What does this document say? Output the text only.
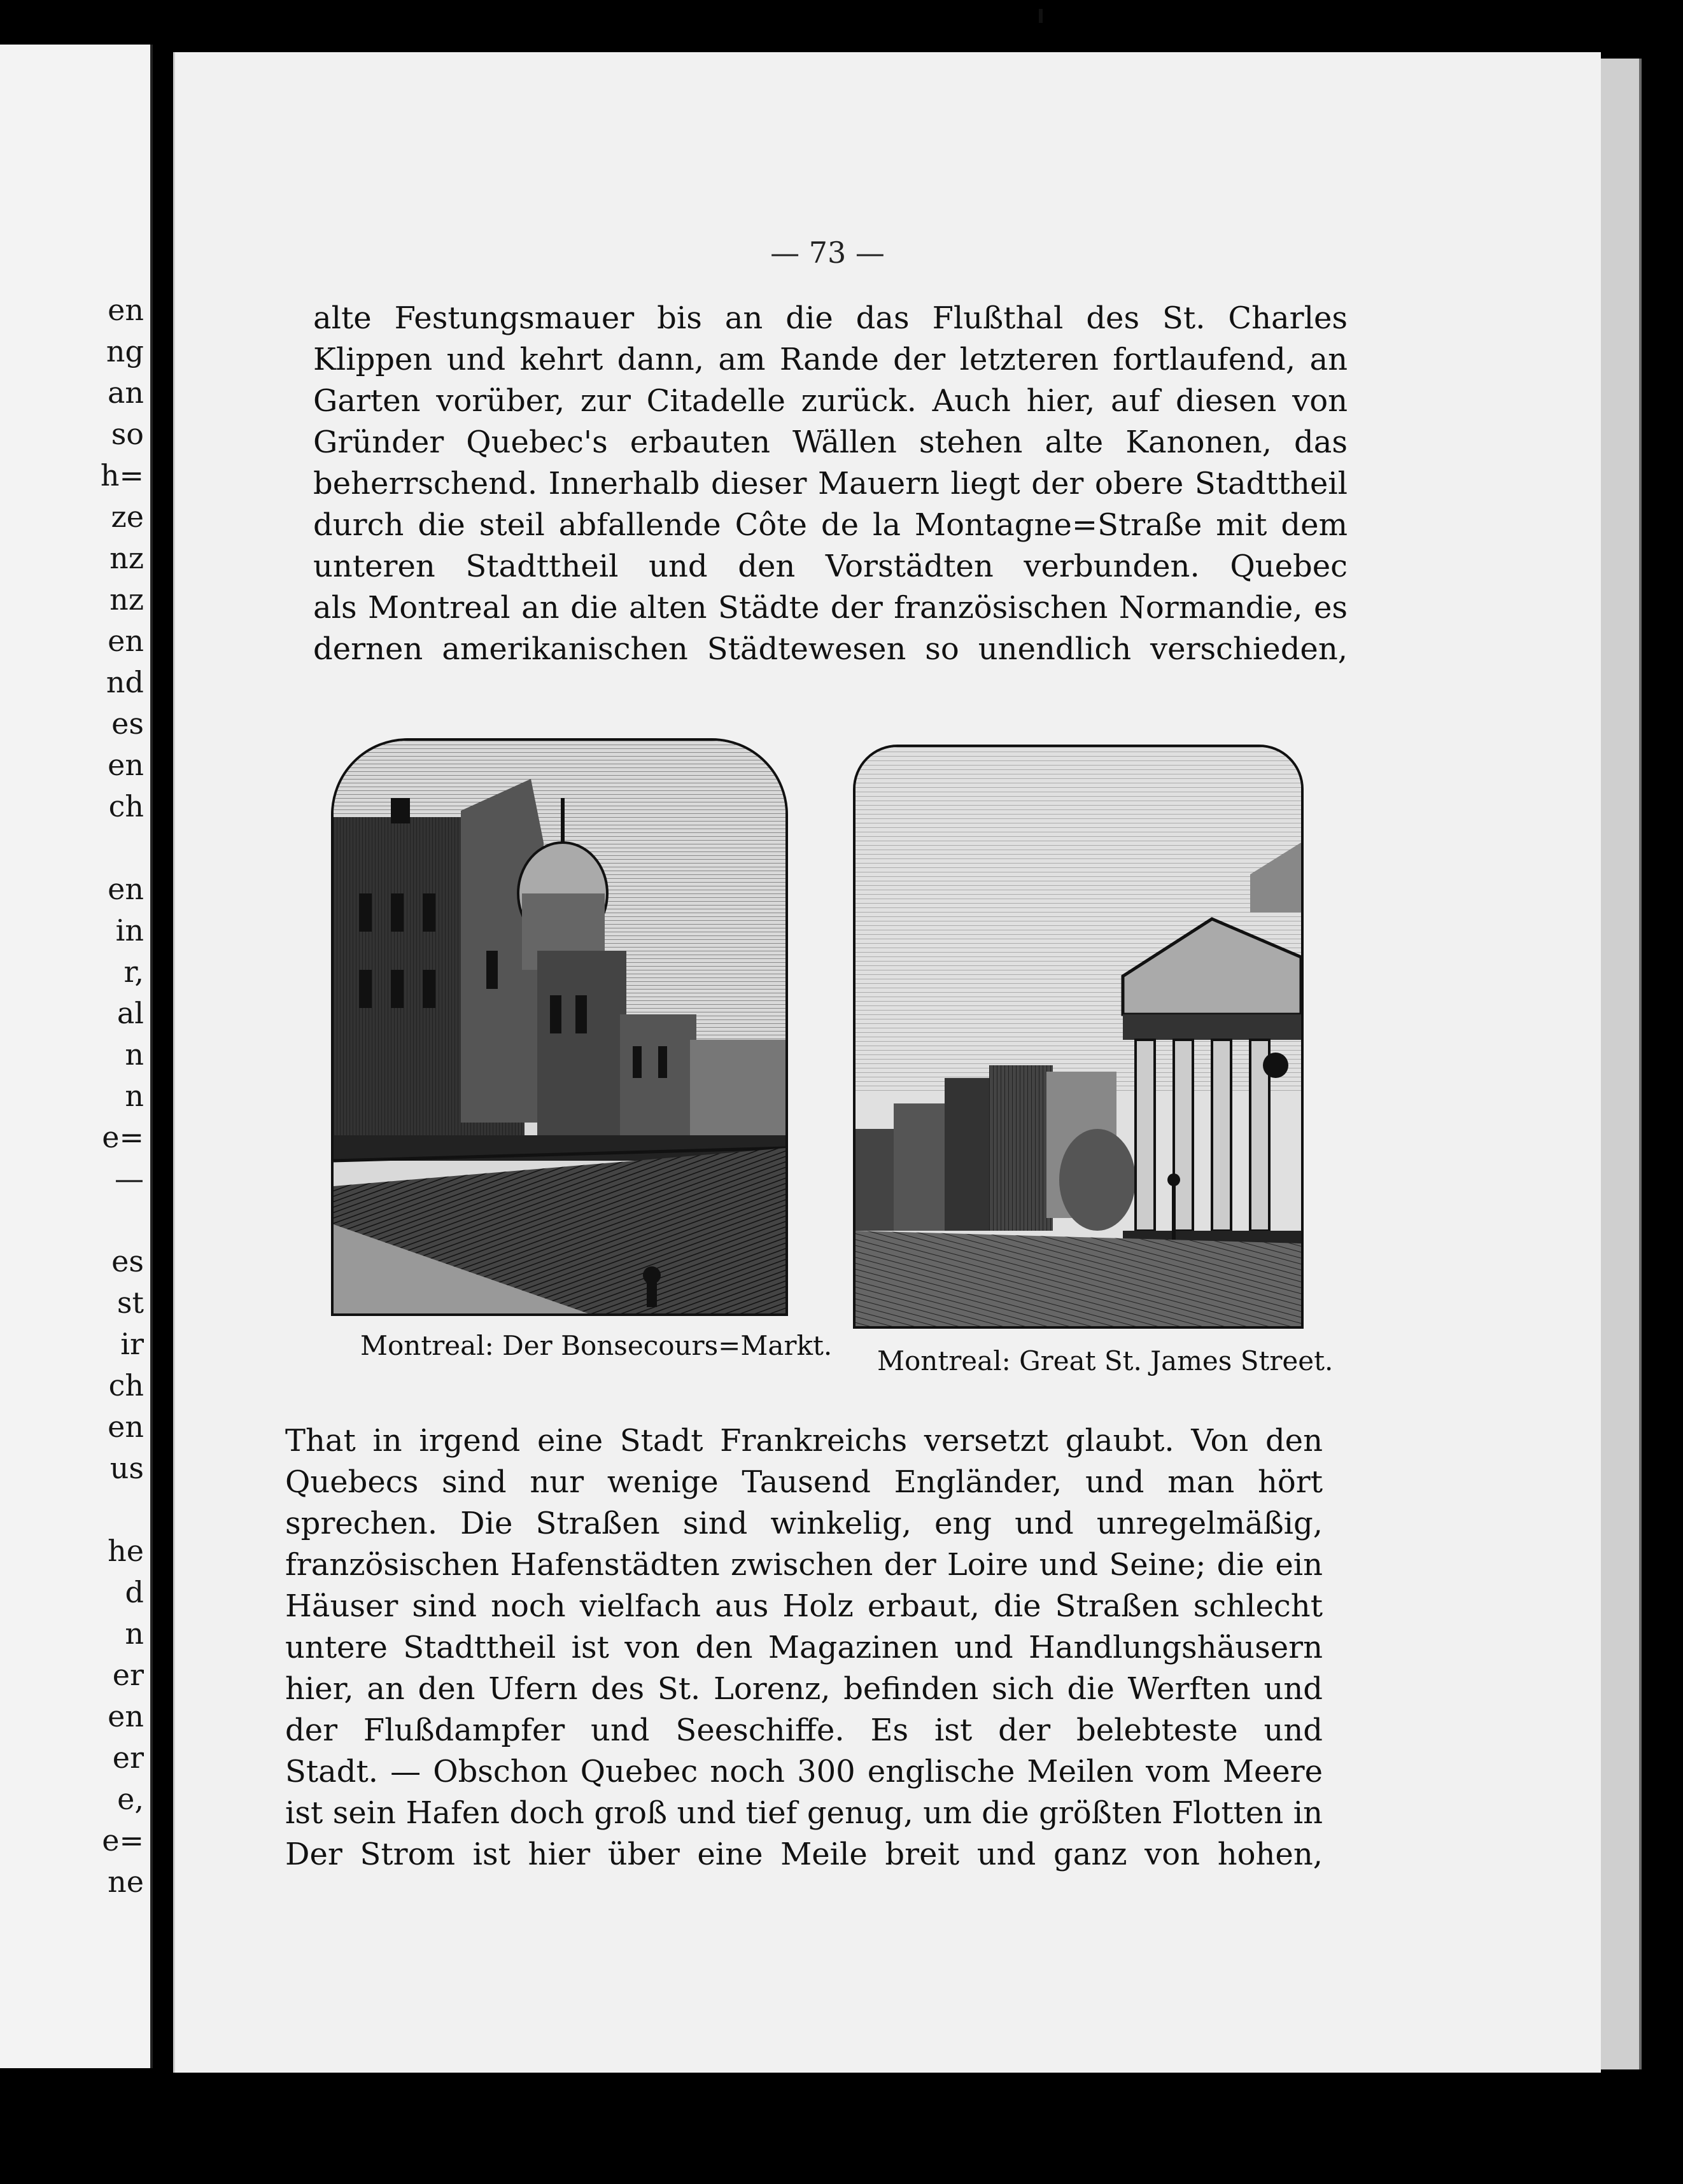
en
ng
an
so
h=
ze
nz
nz
en
nd
es
en
ch
en
in
r,
al
n
n
e=
—
es
st
ir
ch
en
us
he
d
n
er
en
er
e,
e=
ne
— 73 —
alte Festungsmauer bis an die das Flußthal des St. Charles
Klippen und kehrt dann, am Rande der letzteren fortlaufend, an
Garten vorüber, zur Citadelle zurück. Auch hier, auf diesen von
Gründer Quebec's erbauten Wällen stehen alte Kanonen, das
beherrschend. Innerhalb dieser Mauern liegt der obere Stadttheil
durch die steil abfallende Côte de la Montagne=Straße mit dem
unteren Stadttheil und den Vorstädten verbunden. Quebec
als Montreal an die alten Städte der französischen Normandie, es
dernen amerikanischen Städtewesen so unendlich verschieden,
Montreal: Der Bonsecours=Markt. Montreal: Great St. James Street.
That in irgend eine Stadt Frankreichs versetzt glaubt. Von den
Quebecs sind nur wenige Tausend Engländer, und man hört
sprechen. Die Straßen sind winkelig, eng und unregelmäßig,
französischen Hafenstädten zwischen der Loire und Seine; die ein
Häuser sind noch vielfach aus Holz erbaut, die Straßen schlecht
untere Stadttheil ist von den Magazinen und Handlungshäusern
hier, an den Ufern des St. Lorenz, befinden sich die Werften und
der Flußdampfer und Seeschiffe. Es ist der belebteste und
Stadt. — Obschon Quebec noch 300 englische Meilen vom Meere
ist sein Hafen doch groß und tief genug, um die größten Flotten in
Der Strom ist hier über eine Meile breit und ganz von hohen,
